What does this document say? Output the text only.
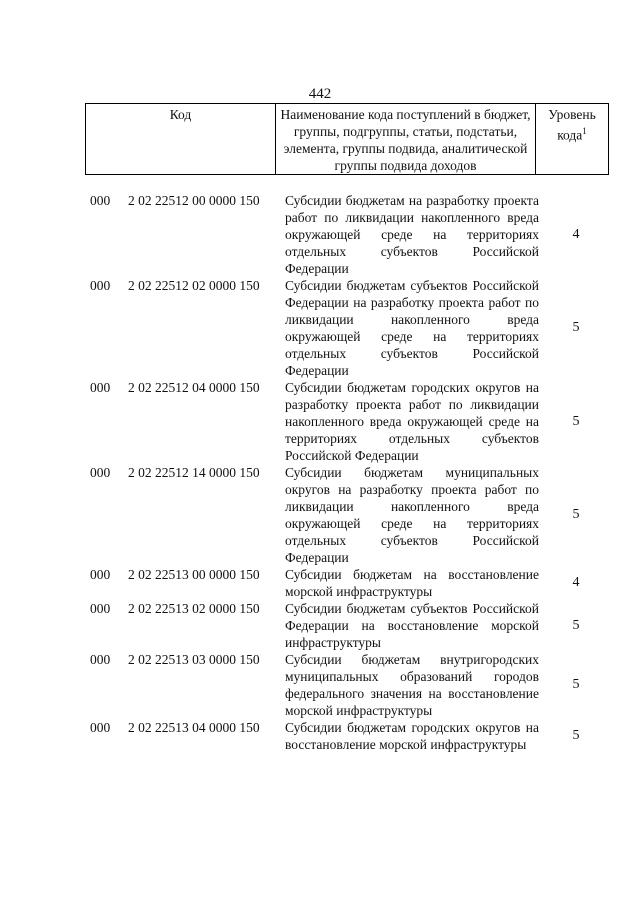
442
Код	Наименование кода поступлений в бюджет, группы, подгруппы, статьи, подстатьи, элемента, группы подвида, аналитической группы подвида доходов	Уровень кода$^1$
000 2 02 22512 00 0000 150 Субсидии бюджетам на разработку проекта работ по ликвидации накопленного вреда окружающей среде на территориях отдельных субъектов Российской Федерации
4
000 2 02 22512 02 0000 150 Субсидии бюджетам субъектов Российской Федерации на разработку проекта работ по ликвидации накопленного вреда окружающей среде на территориях отдельных субъектов Российской Федерации
5
000 2 02 22512 04 0000 150 Субсидии бюджетам городских округов на разработку проекта работ по ликвидации накопленного вреда окружающей среде на территориях отдельных субъектов Российской Федерации
5
000 2 02 22512 14 0000 150 Субсидии бюджетам муниципальных округов на разработку проекта работ по ликвидации накопленного вреда окружающей среде на территориях отдельных субъектов Российской Федерации
5
000 2 02 22513 00 0000 150 Субсидии бюджетам на восстановление морской инфраструктуры
4
000 2 02 22513 02 0000 150 Субсидии бюджетам субъектов Российской Федерации на восстановление морской инфраструктуры
5
000 2 02 22513 03 0000 150 Субсидии бюджетам внутригородских муниципальных образований городов федерального значения на восстановление морской инфраструктуры
5
000 2 02 22513 04 0000 150 Субсидии бюджетам городских округов на восстановление морской инфраструктуры
5
